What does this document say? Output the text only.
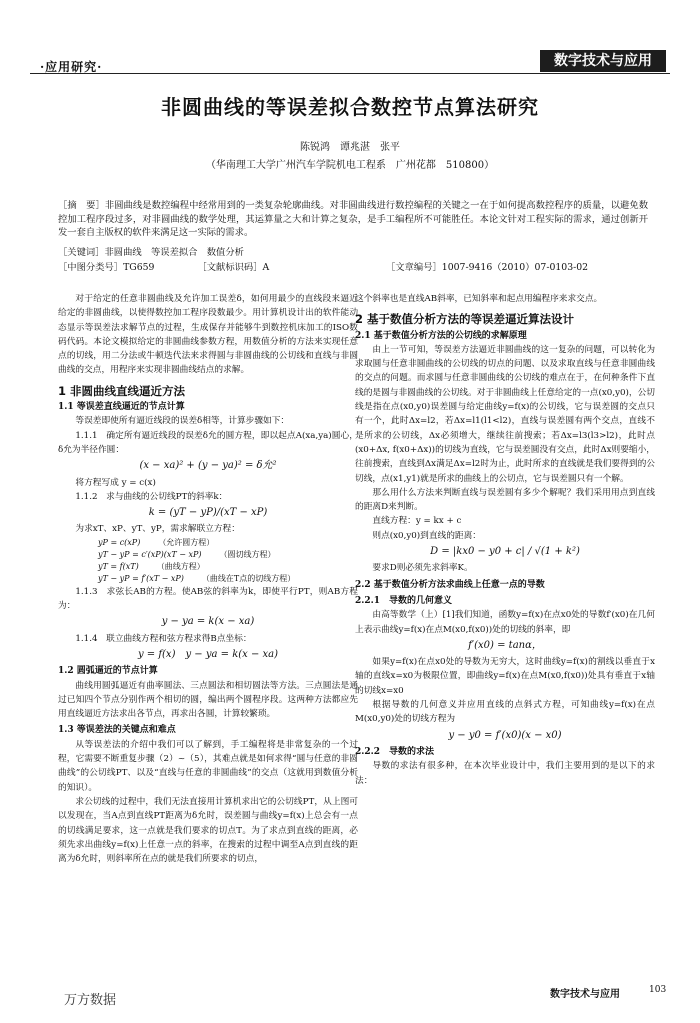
·应用研究·	数字技术与应用
非圆曲线的等误差拟合数控节点算法研究
陈锐鸿　谭兆湛　张平
（华南理工大学广州汽车学院机电工程系　广州花都　510800）
［摘　要］非圆曲线是数控编程中经常用到的一类复杂轮廓曲线。对非圆曲线进行数控编程的关键之一在于如何提高数控程序的质量，以避免数控加工程序段过多，对非圆曲线的数学处理，其运算量之大和计算之复杂，是手工编程所不可能胜任。本论文针对工程实际的需求，通过创新开发一套自主版权的软件来满足这一实际的需求。
［关键词］非圆曲线　等误差拟合　数值分析
［中图分类号］TG659	［文献标识码］A	［文章编号］1007-9416（2010）07-0103-02

对于给定的任意非圆曲线及允许加工误差δ，如何用最少的直线段来逼近给定的非圆曲线，以使得数控加工程序段数最少。用计算机设计出的软件能动态显示等误差法求解节点的过程，生成保存并能够牛到数控机床加工的ISO数码代码。本论文模拟给定的非圆曲线参数方程，用数值分析的方法来实现任意点的切线，用二分法或牛顿迭代法来求得圆与非圆曲线的公切线和直线与非圆曲线的交点，用程序来实现非圆曲线结点的求解。

1 非圆曲线直线逼近方法
1.1 等误差直线逼近的节点计算

等误差即使所有逼近线段的误差δ相等，计算步骤如下：

1.1.1　确定所有逼近线段的误差δ允的圆方程，即以起点A(xa,ya)圆心，δ允为半径作圆：

(x − xa)² + (y − ya)² = δ允²

将方程写成 y = c(x)

1.1.2　求与曲线的公切线PT的斜率k：

k = (yT − yP)/(xT − xP)

为求xT、xP、yT、yP，需求解联立方程：

yP = c(xP) （允许圆方程）
yT − yP = c′(xP)(xT − xP) （圆切线方程）
yT = f(xT) （曲线方程）
yT − yP = f′(xT − xP) （曲线在T点的切线方程）

1.1.3　求弦长AB的方程。使AB弦的斜率为k，即使平行PT，则AB方程为：

y − ya = k(x − xa)

1.1.4　联立曲线方程和弦方程求得B点坐标：

y = f(x)　y − ya = k(x − xa)
1.2 圆弧逼近的节点计算

曲线用圆弧逼近有曲率圆法、三点圆法和相切圆法等方法。三点圆法是通过已知四个节点分别作两个相切的圆，编出两个圆程序段。这两种方法都应先用直线逼近方法求出各节点，再求出各圆，计算较繁琐。

1.3 等误差法的关键点和难点

从等误差法的介绍中我们可以了解到，手工编程将是非常复杂的一个过程，它需要不断重复步骤（2）~（5），其难点就是如何求得“圆与任意的非圆曲线”的公切线PT、以及“直线与任意的非圆曲线”的交点（这就用到数值分析的知识）。

求公切线的过程中，我们无法直接用计算机求出它的公切线PT，从上图可以发现在，当A点到直线PT距离为δ允时，误差圆与曲线y=f(x)上总会有一点的切线满足要求，这一点就是我们要求的切点T。为了求点到直线的距离，必须先求出曲线y=f(x)上任意一点的斜率，在搜索的过程中调至A点到直线的距离为δ允时，则斜率所在点的就是我们所要求的切点，

这个斜率也是直线AB斜率，已知斜率和起点用编程序来求交点。

2 基于数值分析方法的等误差逼近算法设计
2.1 基于数值分析方法的公切线的求解原理

由上一节可知，等误差方法逼近非圆曲线的这一复杂的问题，可以转化为求取圆与任意非圆曲线的公切线的切点的问题、以及求取直线与任意非圆曲线的交点的问题。而求圆与任意非圆曲线的公切线的难点在于，在何种条件下直线的是圆与非圆曲线的公切线。对于非圆曲线上任意给定的一点(x0,y0)，公切线是指在点(x0,y0)误差圆与给定曲线y=f(x)的公切线，它与误差圆的交点只有一个，此时Δx=l2，若Δx=l1(l1<l2)，直线与误差圆有两个交点，直线不是所求的公切线，Δx必须增大，继续往前搜索；若Δx=l3(l3>l2)，此时点(x0+Δx, f(x0+Δx))的切线为直线，它与误差圆没有交点，此时Δx则要缩小，往前搜索，直线到Δx满足Δx=l2时为止，此时所求的直线就是我们要得到的公切线，点(x1,y1)就是所求的曲线上的公切点，它与误差圆只有一个解。

那么用什么方法来判断直线与误差圆有多少个解呢？我们采用用点到直线的距离D来判断。

直线方程：y = kx + c

则点(x0,y0)到直线的距离：

D = |kx0 − y0 + c| / √(1 + k²)

要求D则必须先求斜率K。

2.2 基于数值分析方法求曲线上任意一点的导数
2.2.1　导数的几何意义

由高等数学（上）[1]我们知道，函数y=f(x)在点x0处的导数f′(x0)在几何上表示曲线y=f(x)在点M(x0,f(x0))处的切线的斜率，即

f′(x0) = tanα，

如果y=f(x)在点x0处的导数为无穷大，这时曲线y=f(x)的割线以垂直于x轴的直线x=x0为极限位置，即曲线y=f(x)在点M(x0,f(x0))处具有垂直于x轴的切线x=x0

根据导数的几何意义并应用直线的点斜式方程，可知曲线y=f(x)在点M(x0,y0)处的切线方程为

y − y0 = f′(x0)(x − x0)
2.2.2　导数的求法

导数的求法有很多种，在本次毕业设计中，我们主要用到的是以下的求法：

万方数据	数字技术与应用	103
